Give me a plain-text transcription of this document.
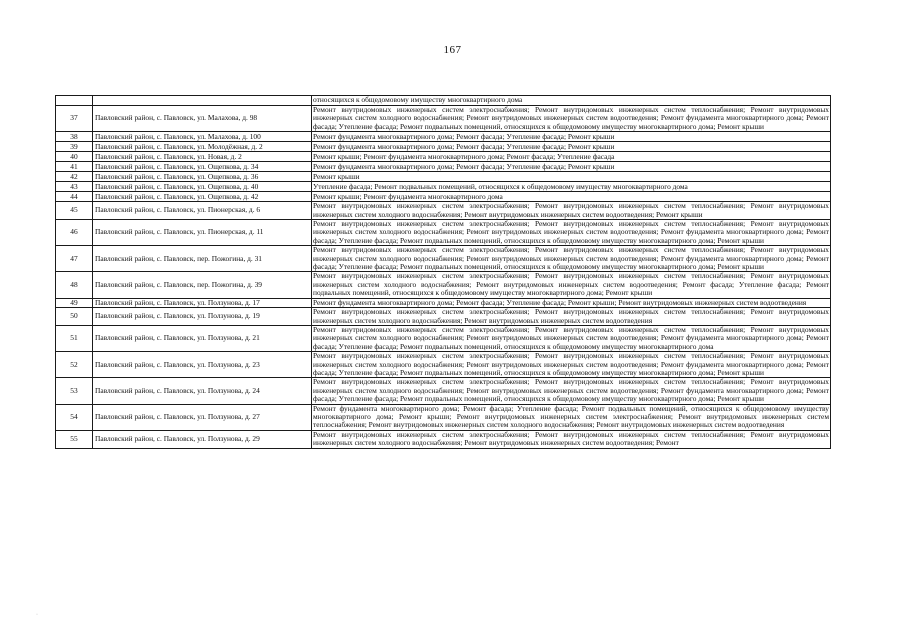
167
		относящихся к общедомовому имуществу многоквартирного дома
37	Павловский район, с. Павловск, ул. Малахова, д. 98	Ремонт внутридомовых инженерных систем электроснабжения; Ремонт внутридомовых инженерных систем теплоснабжения; Ремонт внутридомовых инженерных систем холодного водоснабжения; Ремонт внутридомовых инженерных систем водоотведения; Ремонт фундамента многоквартирного дома; Ремонт фасада; Утепление фасада; Ремонт подвальных помещений, относящихся к общедомовому имуществу многоквартирного дома; Ремонт крыши
38	Павловский район, с. Павловск, ул. Малахова, д. 100	Ремонт фундамента многоквартирного дома; Ремонт фасада; Утепление фасада; Ремонт крыши
39	Павловский район, с. Павловск, ул. Молодёжная, д. 2	Ремонт фундамента многоквартирного дома; Ремонт фасада; Утепление фасада; Ремонт крыши
40	Павловский район, с. Павловск, ул. Новая, д. 2	Ремонт крыши; Ремонт фундамента многоквартирного дома; Ремонт фасада; Утепление фасада
41	Павловский район, с. Павловск, ул. Ощепкова, д. 34	Ремонт фундамента многоквартирного дома; Ремонт фасада; Утепление фасада; Ремонт крыши
42	Павловский район, с. Павловск, ул. Ощепкова, д. 36	Ремонт крыши
43	Павловский район, с. Павловск, ул. Ощепкова, д. 40	Утепление фасада; Ремонт подвальных помещений, относящихся к общедомовому имуществу многоквартирного дома
44	Павловский район, с. Павловск, ул. Ощепкова, д. 42	Ремонт крыши; Ремонт фундамента многоквартирного дома
45	Павловский район, с. Павловск, ул. Пионерская, д. 6	Ремонт внутридомовых инженерных систем электроснабжения; Ремонт внутридомовых инженерных систем теплоснабжения; Ремонт внутридомовых инженерных систем холодного водоснабжения; Ремонт внутридомовых инженерных систем водоотведения; Ремонт крыши
46	Павловский район, с. Павловск, ул. Пионерская, д. 11	Ремонт внутридомовых инженерных систем электроснабжения; Ремонт внутридомовых инженерных систем теплоснабжения; Ремонт внутридомовых инженерных систем холодного водоснабжения; Ремонт внутридомовых инженерных систем водоотведения; Ремонт фундамента многоквартирного дома; Ремонт фасада; Утепление фасада; Ремонт подвальных помещений, относящихся к общедомовому имуществу многоквартирного дома; Ремонт крыши
47	Павловский район, с. Павловск, пер. Пожогина, д. 31	Ремонт внутридомовых инженерных систем электроснабжения; Ремонт внутридомовых инженерных систем теплоснабжения; Ремонт внутридомовых инженерных систем холодного водоснабжения; Ремонт внутридомовых инженерных систем водоотведения; Ремонт фундамента многоквартирного дома; Ремонт фасада; Утепление фасада; Ремонт подвальных помещений, относящихся к общедомовому имуществу многоквартирного дома; Ремонт крыши
48	Павловский район, с. Павловск, пер. Пожогина, д. 39	Ремонт внутридомовых инженерных систем электроснабжения; Ремонт внутридомовых инженерных систем теплоснабжения; Ремонт внутридомовых инженерных систем холодного водоснабжения; Ремонт внутридомовых инженерных систем водоотведения; Ремонт фасада; Утепление фасада; Ремонт подвальных помещений, относящихся к общедомовому имуществу многоквартирного дома; Ремонт крыши
49	Павловский район, с. Павловск, ул. Ползунова, д. 17	Ремонт фундамента многоквартирного дома; Ремонт фасада; Утепление фасада; Ремонт крыши; Ремонт внутридомовых инженерных систем водоотведения
50	Павловский район, с. Павловск, ул. Ползунова, д. 19	Ремонт внутридомовых инженерных систем электроснабжения; Ремонт внутридомовых инженерных систем теплоснабжения; Ремонт внутридомовых инженерных систем холодного водоснабжения; Ремонт внутридомовых инженерных систем водоотведения
51	Павловский район, с. Павловск, ул. Ползунова, д. 21	Ремонт внутридомовых инженерных систем электроснабжения; Ремонт внутридомовых инженерных систем теплоснабжения; Ремонт внутридомовых инженерных систем холодного водоснабжения; Ремонт внутридомовых инженерных систем водоотведения; Ремонт фундамента многоквартирного дома; Ремонт фасада; Утепление фасада; Ремонт подвальных помещений, относящихся к общедомовому имуществу многоквартирного дома
52	Павловский район, с. Павловск, ул. Ползунова, д. 23	Ремонт внутридомовых инженерных систем электроснабжения; Ремонт внутридомовых инженерных систем теплоснабжения; Ремонт внутридомовых инженерных систем холодного водоснабжения; Ремонт внутридомовых инженерных систем водоотведения; Ремонт фундамента многоквартирного дома; Ремонт фасада; Утепление фасада; Ремонт подвальных помещений, относящихся к общедомовому имуществу многоквартирного дома; Ремонт крыши
53	Павловский район, с. Павловск, ул. Ползунова, д. 24	Ремонт внутридомовых инженерных систем электроснабжения; Ремонт внутридомовых инженерных систем теплоснабжения; Ремонт внутридомовых инженерных систем холодного водоснабжения; Ремонт внутридомовых инженерных систем водоотведения; Ремонт фундамента многоквартирного дома; Ремонт фасада; Утепление фасада; Ремонт подвальных помещений, относящихся к общедомовому имуществу многоквартирного дома; Ремонт крыши
54	Павловский район, с. Павловск, ул. Ползунова, д. 27	Ремонт фундамента многоквартирного дома; Ремонт фасада; Утепление фасада; Ремонт подвальных помещений, относящихся к общедомовому имуществу многоквартирного дома; Ремонт крыши; Ремонт внутридомовых инженерных систем электроснабжения; Ремонт внутридомовых инженерных систем теплоснабжения; Ремонт внутридомовых инженерных систем холодного водоснабжения; Ремонт внутридомовых инженерных систем водоотведения
55	Павловский район, с. Павловск, ул. Ползунова, д. 29	Ремонт внутридомовых инженерных систем электроснабжения; Ремонт внутридомовых инженерных систем теплоснабжения; Ремонт внутридомовых инженерных систем холодного водоснабжения; Ремонт внутридомовых инженерных систем водоотведения; Ремонт
·
